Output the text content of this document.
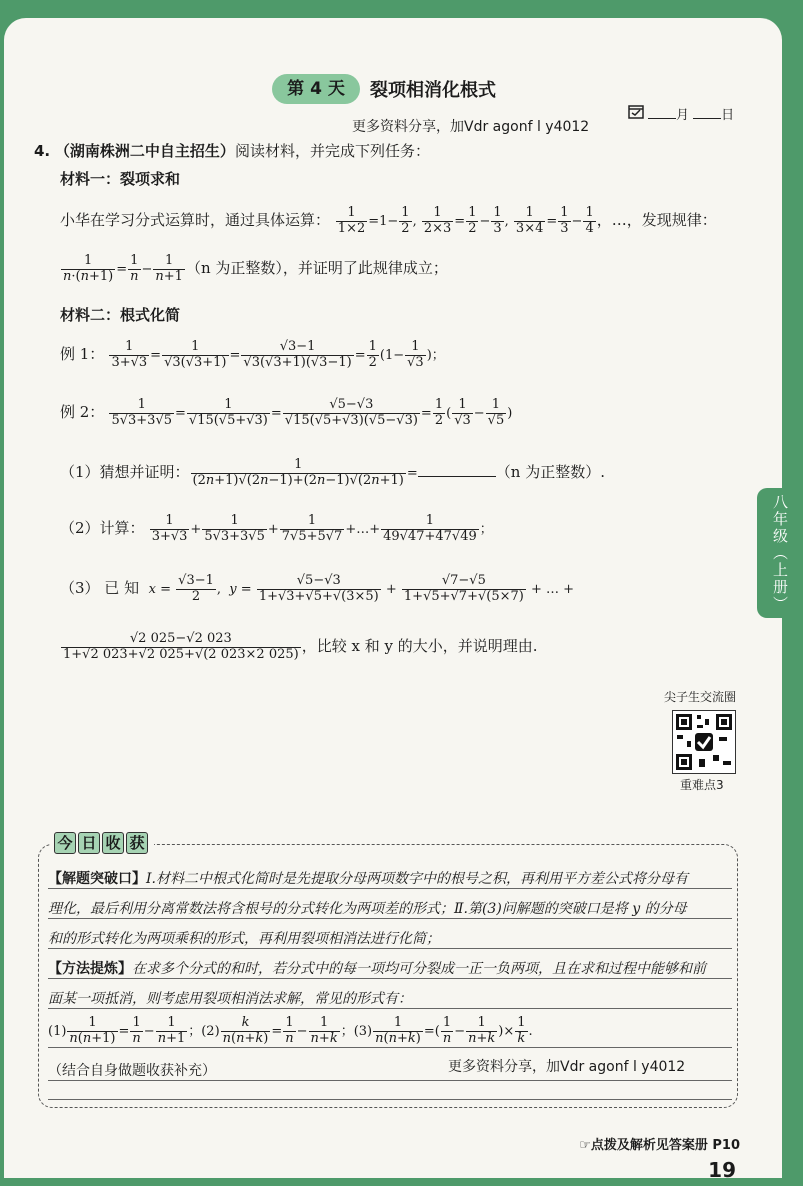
第 4 天	裂项相消化根式
更多资料分享，加Vdr agonf l y4012
月 日
4. （湖南株洲二中自主招生）阅读材料，并完成下列任务：
材料一：裂项求和
小华在学习分式运算时，通过具体运算： $\frac{1}{1\times 2} =1- \frac{1}{2}$ , $\frac{1}{2\times 3} = \frac{1}{2} - \frac{1}{3}$ , $\frac{1}{3\times 4} = \frac{1}{3} - \frac{1}{4}$ ，…，发现规律：
$\frac{1}{n\cdot(n+1)} = \frac{1}{n} - \frac{1}{n+1} (n$ 为正整数），并证明了此规律成立；
材料二：根式化简
例 1： $\frac{1}{3+√3} = \frac{1}{√3(√3+1)} = \frac{√3-1}{√3(√3+1)(√3-1)} = \frac{1}{2} (1- \frac{1}{√3}$ )；
例 2： $\frac{1}{5√3+3√5} = \frac{1}{√15(√5+√3)} = \frac{√5-√3}{√15(√5+√3)(√5-√3)} = \frac{1}{2}$ ( $\frac{1}{√3} - \frac{1}{√5}$ )
（1）猜想并证明： $\frac{1}{(2n+1)√(2n-1)+(2n-1)√(2n+1)}$ =	（n 为正整数）.
（2）计算： $\frac{1}{3+√3} + \frac{1}{5√3+3√5} + \frac{1}{7√5+5√7}$ +…+ $\frac{1}{49√47+47√49}$ ；
（3） 已 知 $x = \frac{√3-1}{2}$ ,  $y = \frac{√5-√3}{1+√3+√5+√(3\times 5)} + \frac{√7-√5}{1+√5+√7+√(5\times 7)}$ + … +
$\frac{√2 025-√2 023}{1+√2 023+√2 025+√(2 023\times 2 025)}$ ，比较 x 和 y 的大小，并说明理由.
八年级（上册）
尖子生交流圈
重难点3
今 日 收 获
【解题突破口】Ⅰ.材料二中根式化简时是先提取分母两项数字中的根号之积，再利用平方差公式将分母有
理化，最后利用分离常数法将含根号的分式转化为两项差的形式；Ⅱ.第(3)问解题的突破口是将 y 的分母
和的形式转化为两项乘积的形式，再利用裂项相消法进行化简；
【方法提炼】在求多个分式的和时，若分式中的每一项均可分裂成一正一负两项，且在求和过程中能够和前
面某一项抵消，则考虑用裂项相消法求解，常见的形式有：
$(1) \frac{1}{n(n+1)} = \frac{1}{n} - \frac{1}{n+1}$ ；$(2) \frac{k}{n(n+k)} = \frac{1}{n} - \frac{1}{n+k}$ ；$(3) \frac{1}{n(n+k)}$ =( $\frac{1}{n} - \frac{1}{n+k}$ )× $\frac{1}{k}$ .
（结合自身做题收获补充）	更多资料分享，加Vdr agonf l y4012
☞点拨及解析见答案册 P10
19
